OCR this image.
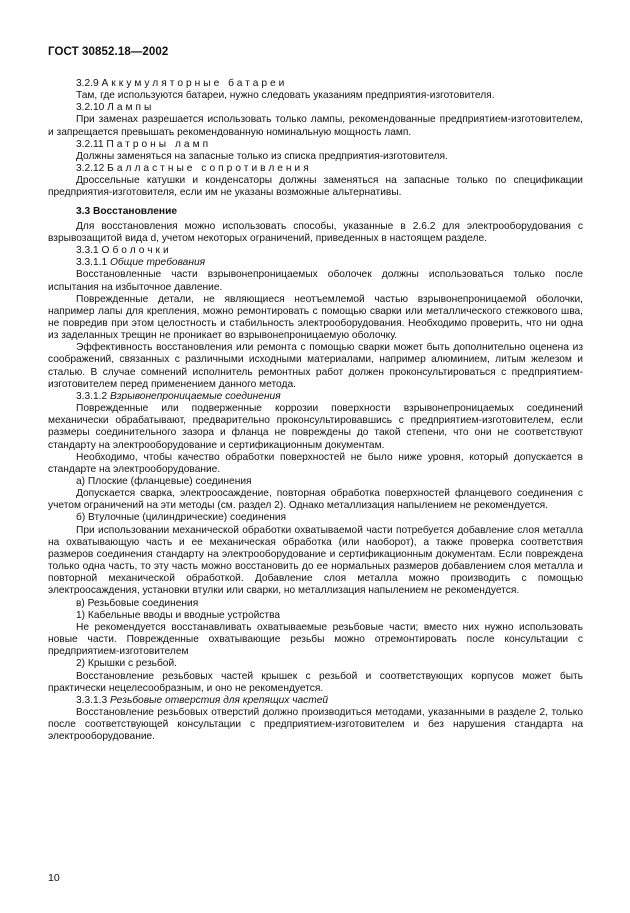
ГОСТ 30852.18—2002

3.2.9 Аккумуляторные батареи

Там, где используются батареи, нужно следовать указаниям предприятия-изготовителя.

3.2.10 Лампы

При заменах разрешается использовать только лампы, рекомендованные предприятием-изготовителем, и запрещается превышать рекомендованную номинальную мощность ламп.

3.2.11 Патроны ламп

Должны заменяться на запасные только из списка предприятия-изготовителя.

3.2.12 Балластные сопротивления

Дроссельные катушки и конденсаторы должны заменяться на запасные только по спецификации предприятия-изготовителя, если им не указаны возможные альтернативы.

3.3 Восстановление

Для восстановления можно использовать способы, указанные в 2.6.2 для электрооборудования с взрывозащитой вида d, учетом некоторых ограничений, приведенных в настоящем разделе.

3.3.1 Оболочки

3.3.1.1 Общие требования

Восстановленные части взрывонепроницаемых оболочек должны использоваться только после испытания на избыточное давление.

Поврежденные детали, не являющиеся неотъемлемой частью взрывонепроницаемой оболочки, например лапы для крепления, можно ремонтировать с помощью сварки или металлического стежкового шва, не повредив при этом целостность и стабильность электрооборудования. Необходимо проверить, что ни одна из заделанных трещин не проникает во взрывонепроницаемую оболочку.

Эффективность восстановления или ремонта с помощью сварки может быть дополнительно оценена из соображений, связанных с различными исходными материалами, например алюминием, литым железом и сталью. В случае сомнений исполнитель ремонтных работ должен проконсультироваться с предприятием-изготовителем перед применением данного метода.

3.3.1.2 Взрывонепроницаемые соединения

Поврежденные или подверженные коррозии поверхности взрывонепроницаемых соединений механически обрабатывают, предварительно проконсультировавшись с предприятием-изготовителем, если размеры соединительного зазора и фланца не повреждены до такой степени, что они не соответствуют стандарту на электрооборудование и сертификационным документам.

Необходимо, чтобы качество обработки поверхностей не было ниже уровня, который допускается в стандарте на электрооборудование.

а) Плоские (фланцевые) соединения

Допускается сварка, электроосаждение, повторная обработка поверхностей фланцевого соединения с учетом ограничений на эти методы (см. раздел 2). Однако металлизация напылением не рекомендуется.

б) Втулочные (цилиндрические) соединения

При использовании механической обработки охватываемой части потребуется добавление слоя металла на охватывающую часть и ее механическая обработка (или наоборот), а также проверка соответствия размеров соединения стандарту на электрооборудование и сертификационным документам. Если повреждена только одна часть, то эту часть можно восстановить до ее нормальных размеров добавлением слоя металла и повторной механической обработкой. Добавление слоя металла можно производить с помощью электроосаждения, установки втулки или сварки, но металлизация напылением не рекомендуется.

в) Резьбовые соединения

1) Кабельные вводы и вводные устройства

Не рекомендуется восстанавливать охватываемые резьбовые части; вместо них нужно использовать новые части. Поврежденные охватывающие резьбы можно отремонтировать после консультации с предприятием-изготовителем

2) Крышки с резьбой.

Восстановление резьбовых частей крышек с резьбой и соответствующих корпусов может быть практически нецелесообразным, и оно не рекомендуется.

3.3.1.3 Резьбовые отверстия для крепящих частей

Восстановление резьбовых отверстий должно производиться методами, указанными в разделе 2, только после соответствующей консультации с предприятием-изготовителем и без нарушения стандарта на электрооборудование.

10
